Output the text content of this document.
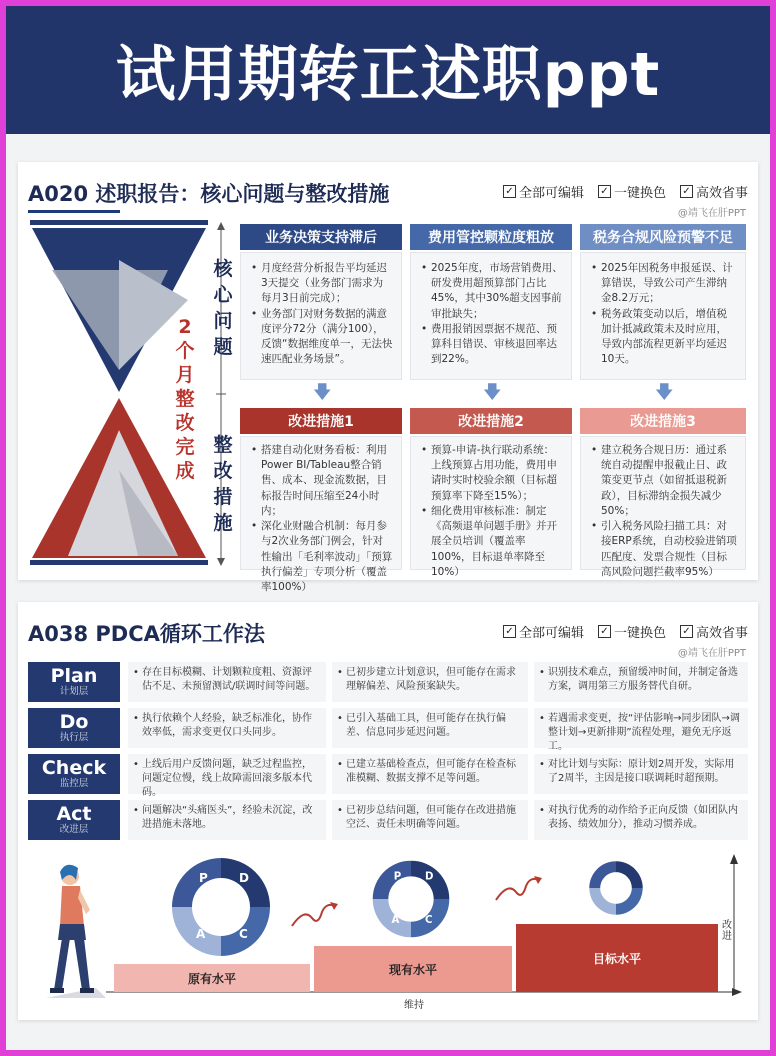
试用期转正述职ppt
A020 述职报告：核心问题与整改措施	✓ 全部可编辑 ✓ 一键换色 ✓ 高效省事
@靖飞在肝PPT
核
心
问
题
整
改
措
施
2
个
月
整
改
完
成
业务决策支持滞后
• 月度经营分析报告平均延迟3天提交（业务部门需求为每月3日前完成）；
• 业务部门对财务数据的满意度评分72分（满分100），反馈“数据维度单一，无法快速匹配业务场景”。
费用管控颗粒度粗放
• 2025年度，市场营销费用、研发费用超预算部门占比45%，其中30%超支因事前审批缺失；
• 费用报销因票据不规范、预算科目错误、审核退回率达到22%。
税务合规风险预警不足
• 2025年因税务申报延误、计算错误，导致公司产生滞纳金8.2万元；
• 税务政策变动以后，增值税加计抵减政策未及时应用，导致内部流程更新平均延迟10天。
🡇	🡇	🡇
改进措施1
• 搭建自动化财务看板：利用Power BI/Tableau整合销售、成本、现金流数据，目标报告时间压缩至24小时内；
• 深化业财融合机制：每月参与2次业务部门例会，针对性输出「毛利率波动」「预算执行偏差」专项分析（覆盖率100%）
改进措施2
• 预算-申请-执行联动系统：上线预算占用功能，费用申请时实时校验余额（目标超预算率下降至15%）；
• 细化费用审核标准：制定《高频退单问题手册》并开展全员培训（覆盖率100%，目标退单率降至10%）
改进措施3
• 建立税务合规日历：通过系统自动提醒申报截止日、政策变更节点（如留抵退税新政），目标滞纳金损失减少50%；
• 引入税务风险扫描工具：对接ERP系统，自动校验进销项匹配度、发票合规性（目标高风险问题拦截率95%）
A038 PDCA循环工作法	✓ 全部可编辑 ✓ 一键换色 ✓ 高效省事
@靖飞在肝PPT
Plan
计划层
• 存在目标模糊、计划颗粒度粗、资源评估不足、未预留测试/联调时间等问题。
• 已初步建立计划意识，但可能存在需求理解偏差、风险预案缺失。
• 识别技术难点，预留缓冲时间，并制定备选方案，调用第三方服务替代自研。
Do
执行层
• 执行依赖个人经验，缺乏标准化，协作效率低，需求变更仅口头同步。
• 已引入基础工具，但可能存在执行偏差、信息同步延迟问题。
• 若遇需求变更，按“评估影响→同步团队→调整计划→更新排期”流程处理，避免无序返工。
Check
监控层
• 上线后用户反馈问题，缺乏过程监控，问题定位慢，线上故障需回滚多版本代码。
• 已建立基础检查点，但可能存在检查标准模糊、数据支撑不足等问题。
• 对比计划与实际：原计划2周开发，实际用了2周半，主因是接口联调耗时超预期。
Act
改进层
• 问题解决“头痛医头”，经验未沉淀，改进措施未落地。
• 已初步总结问题，但可能存在改进措施空泛、责任未明确等问题。
• 对执行优秀的动作给予正向反馈（如团队内表扬、绩效加分），推动习惯养成。
改进
维持
原有水平
现有水平
目标水平
P	D
C
A
P D
C
A
